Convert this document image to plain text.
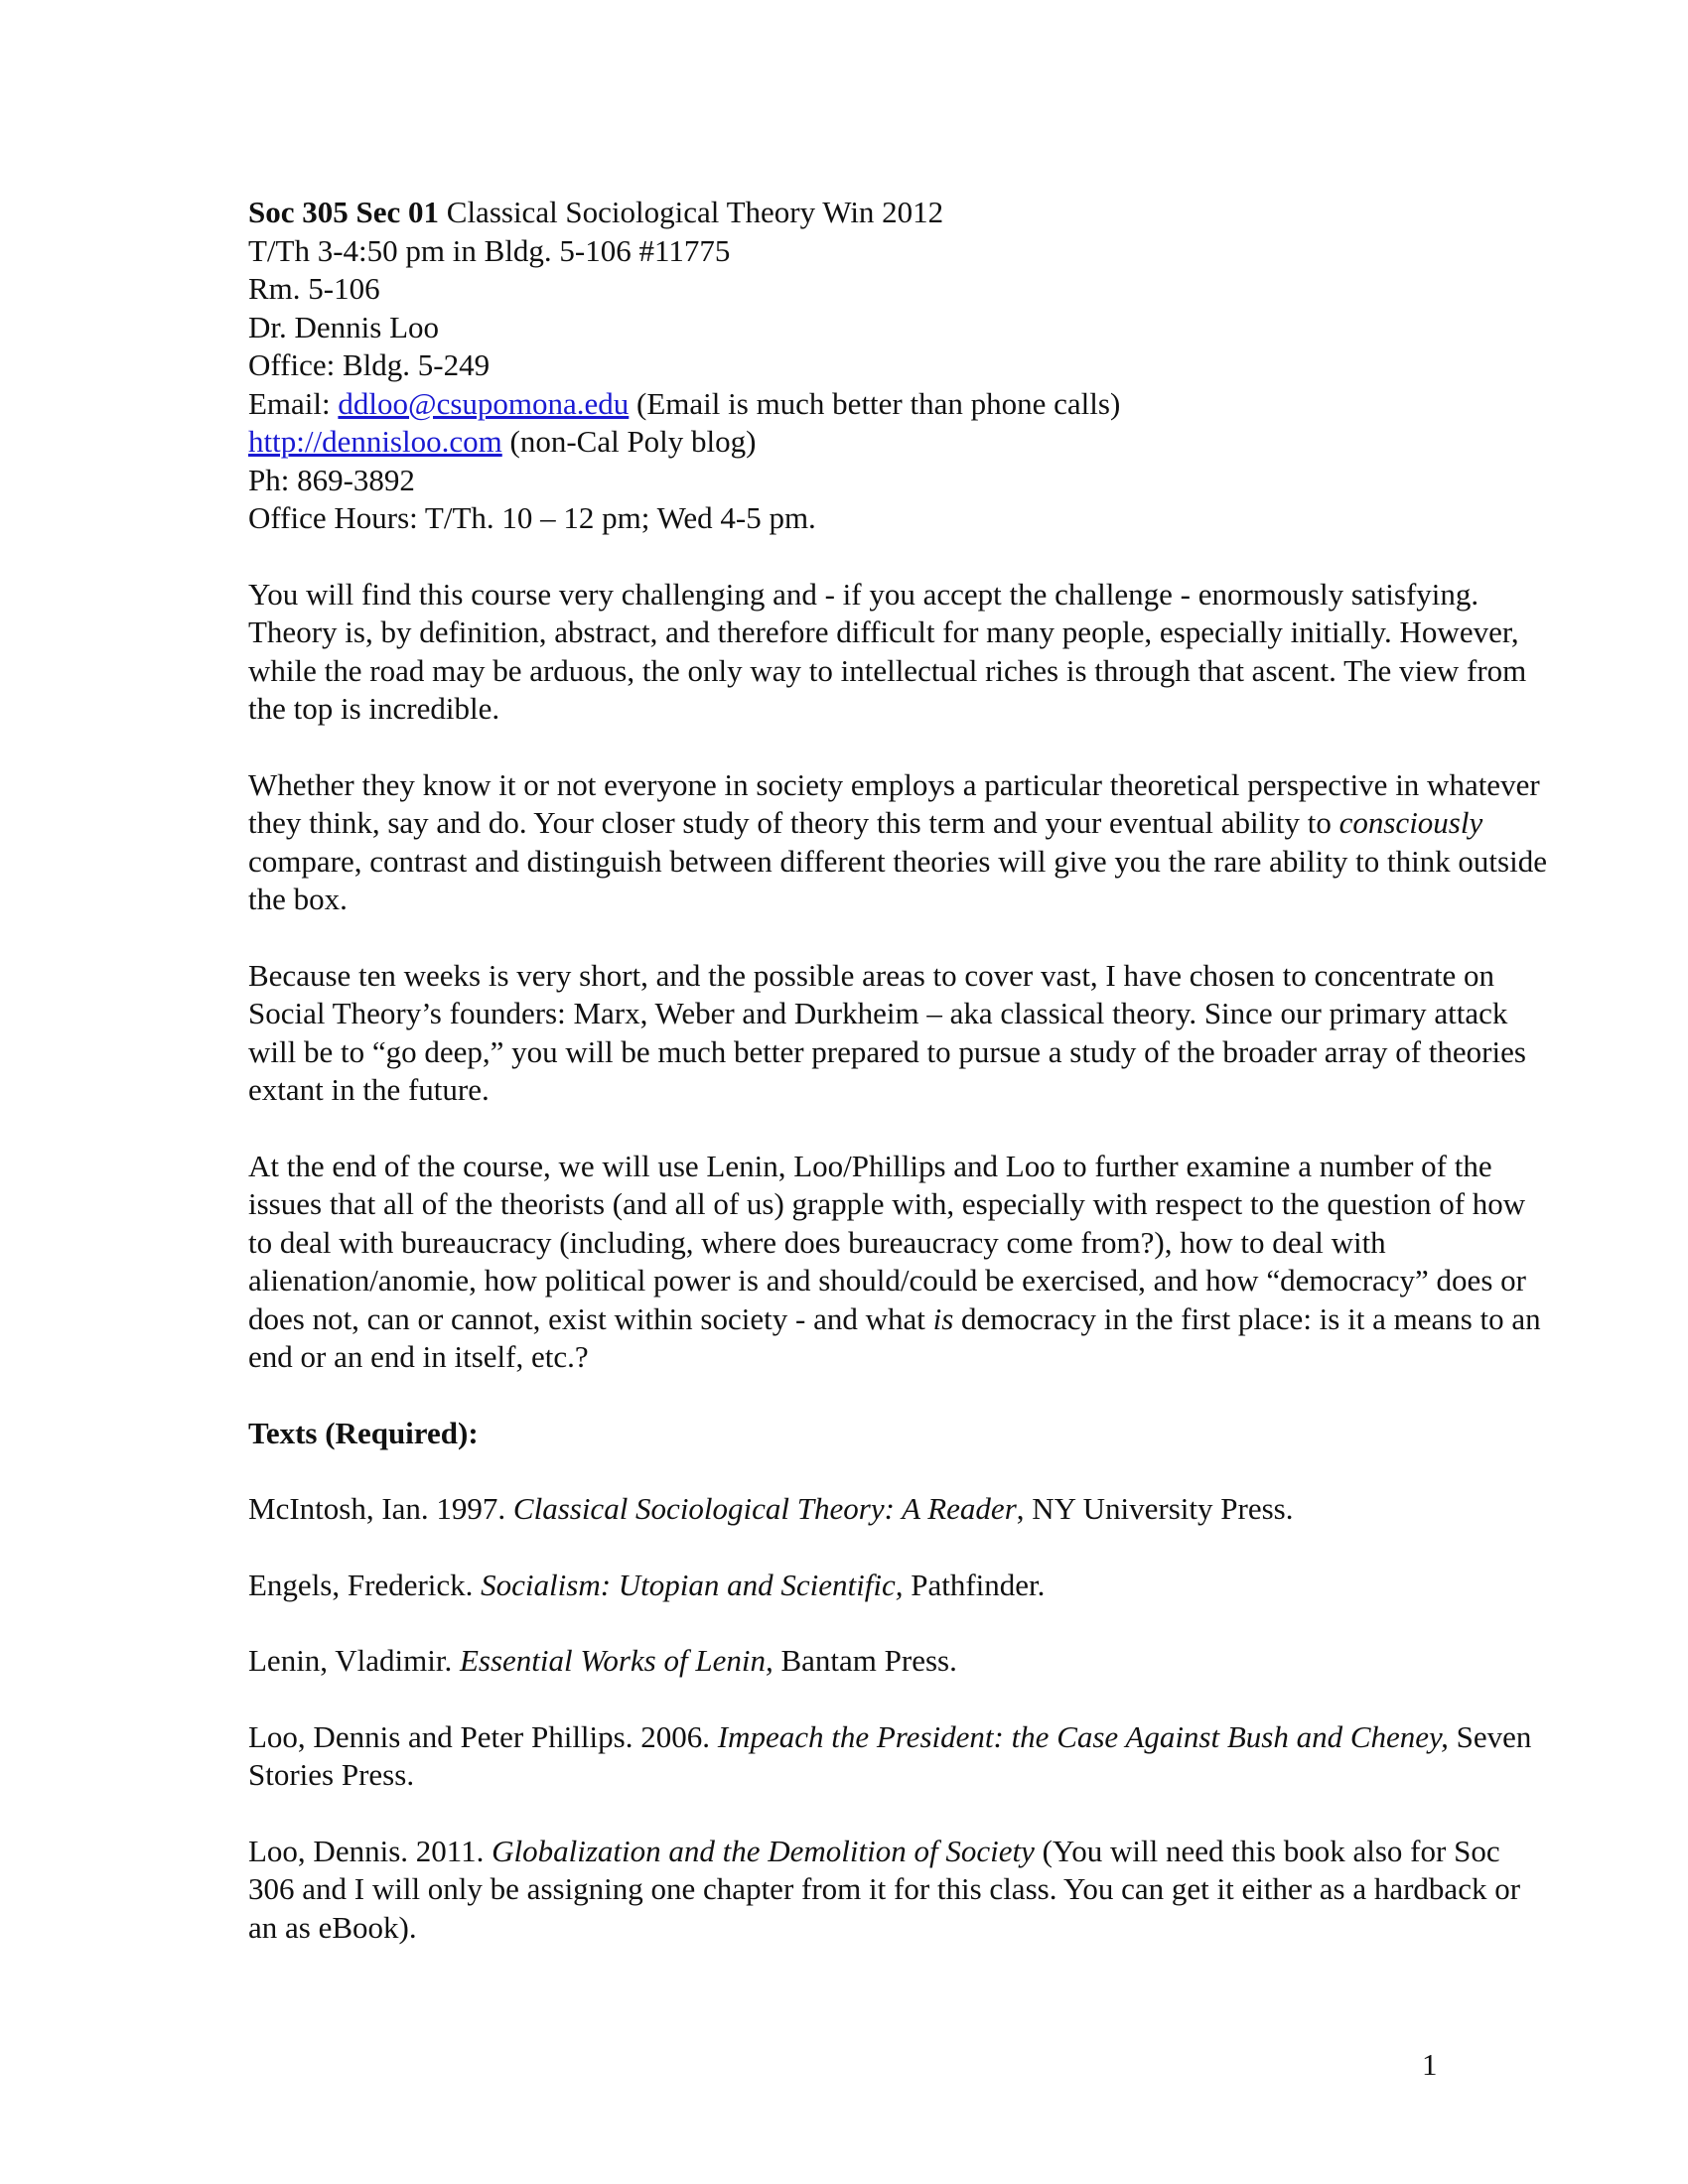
Soc 305 Sec 01 Classical Sociological Theory Win 2012

T/Th 3-4:50 pm in Bldg. 5-106 #11775

Rm. 5-106

Dr. Dennis Loo

Office: Bldg. 5-249

Email: ddloo@csupomona.edu (Email is much better than phone calls)

http://dennisloo.com (non-Cal Poly blog)

Ph: 869-3892

Office Hours: T/Th. 10 – 12 pm; Wed 4-5 pm.

You will find this course very challenging and - if you accept the challenge - enormously satisfying. Theory is, by definition, abstract, and therefore difficult for many people, especially initially. However, while the road may be arduous, the only way to intellectual riches is through that ascent. The view from the top is incredible.

Whether they know it or not everyone in society employs a particular theoretical perspective in whatever they think, say and do. Your closer study of theory this term and your eventual ability to consciously compare, contrast and distinguish between different theories will give you the rare ability to think outside the box.

Because ten weeks is very short, and the possible areas to cover vast, I have chosen to concentrate on Social Theory’s founders: Marx, Weber and Durkheim – aka classical theory. Since our primary attack will be to “go deep,” you will be much better prepared to pursue a study of the broader array of theories extant in the future.

At the end of the course, we will use Lenin, Loo/Phillips and Loo to further examine a number of the issues that all of the theorists (and all of us) grapple with, especially with respect to the question of how to deal with bureaucracy (including, where does bureaucracy come from?), how to deal with alienation/anomie, how political power is and should/could be exercised, and how “democracy” does or does not, can or cannot, exist within society - and what is democracy in the first place: is it a means to an end or an end in itself, etc.?

Texts (Required):

McIntosh, Ian. 1997. Classical Sociological Theory: A Reader, NY University Press.

Engels, Frederick. Socialism: Utopian and Scientific, Pathfinder.

Lenin, Vladimir. Essential Works of Lenin, Bantam Press.

Loo, Dennis and Peter Phillips. 2006. Impeach the President: the Case Against Bush and Cheney, Seven Stories Press.

Loo, Dennis. 2011. Globalization and the Demolition of Society (You will need this book also for Soc 306 and I will only be assigning one chapter from it for this class. You can get it either as a hardback or an as eBook).

1
